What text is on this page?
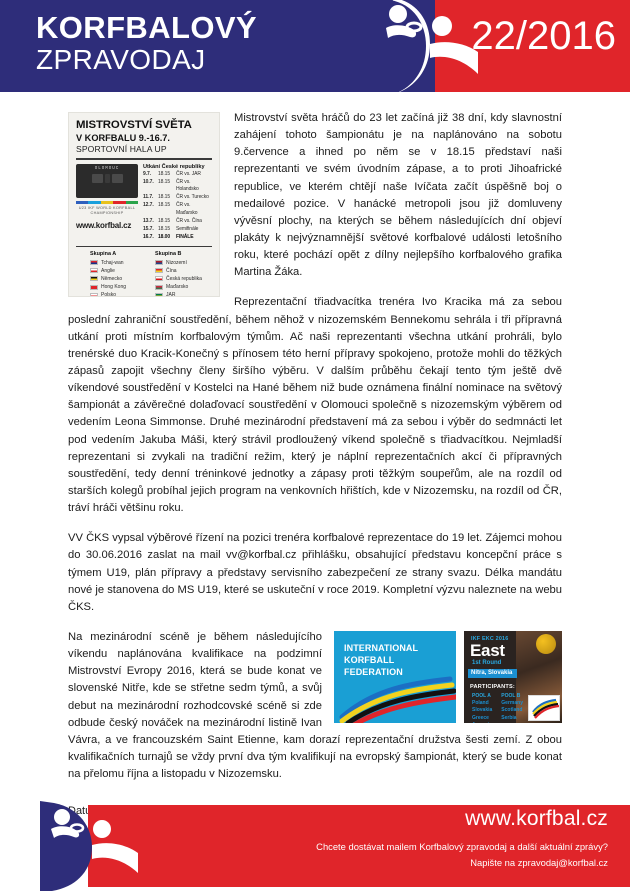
KORFBALOVÝ
ZPRAVODAJ
22/2016
MISTROVSTVÍ SVĚTA
V KORFBALU 9.-16.7.
SPORTOVNÍ HALA UP
OLOMOUC
U23 IKF WORLD KORFBALL
CHAMPIONSHIP
www.korfbal.cz
Utkání České republiky
9.7.	18.15	ČR vs. JAR
10.7. 18.15	ČR vs. Holandsko
11.7. 18.15	ČR vs. Turecko
12.7. 18.15	ČR vs. Maďarsko
13.7. 18.15	ČR vs. Čína
15.7. 18.15	Semifinále
16.7. 18.00	FINÁLE
Skupina A
Tchaj-wan
Anglie
Německo
Hong Kong
Polsko
Skupina B
Nizozemí
Čína
Česká republika
Maďarsko
JAR

Mistrovství světa hráčů do 23 let začíná již 38 dní, kdy slavnostní zahájení tohoto šampionátu je na naplánováno na sobotu 9.července a ihned po něm se v 18.15 představí naši reprezentanti ve svém úvodním zápase, a to proti Jihoafrické republice, ve kterém chtějí naše Ivíčata začít úspěšně boj o medailové pozice. V hanácké metropoli jsou již domluveny vývěsní plochy, na kterých se během následujících dní objeví plakáty k nejvýznamnější světové korfbalové události letošního roku, které pochází opět z dílny nejlepšího korfbalového grafika Martina Žáka.

Reprezentační třiadvacítka trenéra Ivo Kracika má za sebou poslední zahraniční soustředění, během něhož v nizozemském Bennekomu sehrála i tři přípravná utkání proti místním korfbalovým týmům. Ač naši reprezentanti všechna utkání prohráli, bylo trenérské duo Kracik-Konečný s přínosem této herní přípravy spokojeno, protože mohli do těžkých zápasů zapojit všechny členy širšího výběru. V dalším průběhu čekají tento tým ještě dvě víkendové soustředění v Kostelci na Hané během niž bude oznámena finální nominace na světový šampionát a závěrečné dolaďovací soustředění v Olomouci společně s nizozemským výběrem od vedením Leona Simmonse. Druhé mezinárodní představení má za sebou i výběr do sedmnácti let pod vedením Jakuba Máši, který strávil prodloužený víkend společně s třiadvacítkou. Nejmladší reprezentani si zvykali na tradiční režim, který je náplní reprezentačních akcí či přípravných soustředění, tedy denní tréninkové jednotky a zápasy proti těžkým soupeřům, ale na rozdíl od starších kolegů probíhal jejich program na venkovních hřištích, kde v Nizozemsku, na rozdíl od ČR, tráví hráči většinu roku.

VV ČKS vypsal výběrové řízení na pozici trenéra korfbalové reprezentace do 19 let. Zájemci mohou do 30.06.2016 zaslat na mail vv@korfbal.cz přihlášku, obsahující představu koncepční práce s týmem U19, plán přípravy a představy servisního zabezpečení ze strany svazu. Délka mandátu nové je stanovena do MS U19, které se uskuteční v roce 2019. Kompletní výzvu naleznete na webu ČKS.

INTERNATIONAL
KORFBALL
FEDERATION
IKF EKC 2016
East
1st Round
Nitra, Slovakia
PARTICIPANTS:
POOL A
Poland
Slovakia
Greece
POOL B
Germany
Scotland
Serbia

Na mezinárodní scéně je během následujícího víkendu naplánována kvalifikace na podzimní Mistrovství Evropy 2016, která se bude konat ve slovenské Nitře, kde se střetne sedm týmů, a svůj debut na mezinárodní rozhodcovské scéně si zde odbude český nováček na mezinárodní listině Ivan Vávra, a ve francouzském Saint Etienne, kam dorazí reprezentační družstva šesti zemí. Z obou kvalifikačních turnajů se vždy první dva tým kvalifikují na evropský šampionát, který se bude konat na přelomu října a listopadu v Nizozemsku.

Datum	www.korfbal.cz
Chcete dostávat mailem Korfbalový zpravodaj a další aktuální zprávy?
Napište na zpravodaj@korfbal.cz
